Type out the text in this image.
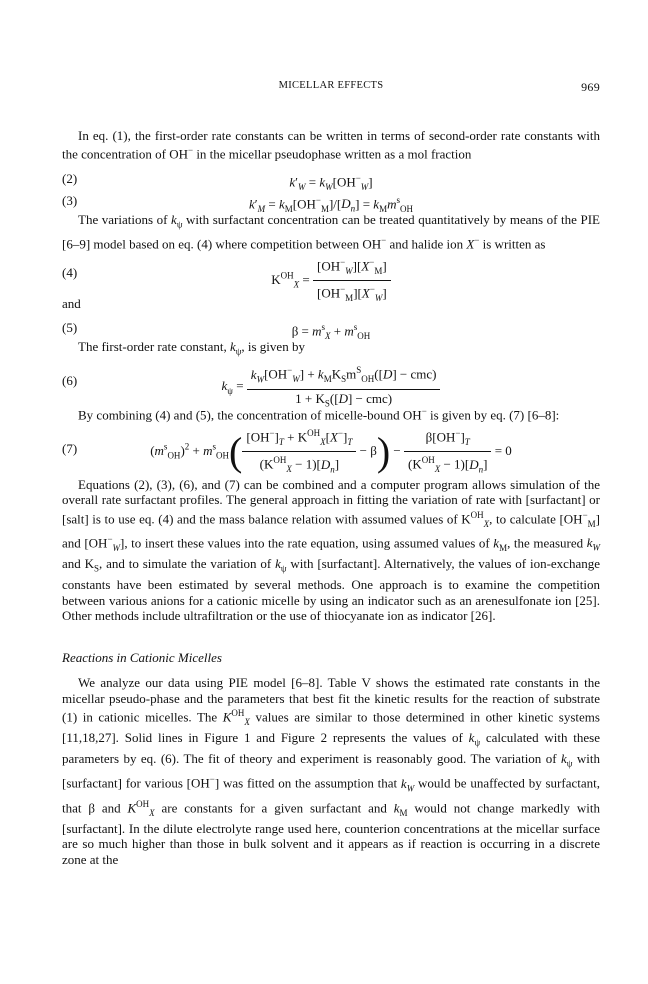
MICELLAR EFFECTS	969

In eq. (1), the first-order rate constants can be written in terms of second-order rate constants with the concentration of OH− in the micellar pseudophase written as a mol fraction

(2)	$k'_W = k_W[OH^-_W]$
(3)	$k'_M = k_M[OH^-_M]/[D_n] = k_Mm^s_{OH}$

The variations of $k_\psi$ with surfactant concentration can be treated quantitatively by means of the PIE [6–9] model based on eq. (4) where competition between OH− and halide ion X− is written as

(4)	$K^{OH}_X = \frac{[OH^-_W][X^-_M]}{[OH^-_M][X^-_W]}$

and

(5)	$\beta = m^s_X + m^s_{OH}$

The first-order rate constant, $k_\psi$, is given by

(6)	$k_\psi = \frac{k_W[OH^-_W] + k_MK_Sm^S_{OH}([D] - cmc)}{1 + K_S([D] - cmc)}$

By combining (4) and (5), the concentration of micelle-bound OH− is given by eq. (7) [6–8]:

(7)	$(m^s_{OH})^2 + m^s_{OH}( \frac{[OH^-]_T + K^{OH}_X[X^-]_T}{(K^{OH}_X - 1)[D_n]} - \beta) - \frac{\beta[OH^-]_T}{(K^{OH}_X - 1)[D_n]} = 0$

Equations (2), (3), (6), and (7) can be combined and a computer program allows simulation of the overall rate surfactant profiles. The general approach in fitting the variation of rate with [surfactant] or [salt] is to use eq. (4) and the mass balance relation with assumed values of $K^{OH}_X$, to calculate $[OH^-_M]$ and $[OH^-_W]$, to insert these values into the rate equation, using assumed values of $k_M$, the measured $k_W$ and $K_S$, and to simulate the variation of $k_\psi$ with [surfactant]. Alternatively, the values of ion-exchange constants have been estimated by several methods. One approach is to examine the competition between various anions for a cationic micelle by using an indicator such as an arenesulfonate ion [25]. Other methods include ultrafiltration or the use of thiocyanate ion as indicator [26].

Reactions in Cationic Micelles

We analyze our data using PIE model [6–8]. Table V shows the estimated rate constants in the micellar pseudo-phase and the parameters that best fit the kinetic results for the reaction of substrate (1) in cationic micelles. The $K^{OH}_X$ values are similar to those determined in other kinetic systems [11,18,27]. Solid lines in Figure 1 and Figure 2 represents the values of $k_\psi$ calculated with these parameters by eq. (6). The fit of theory and experiment is reasonably good. The variation of $k_\psi$ with [surfactant] for various [OH−] was fitted on the assumption that $k_W$ would be unaffected by surfactant, that β and $K^{OH}_X$ are constants for a given surfactant and $k_M$ would not change markedly with [surfactant]. In the dilute electrolyte range used here, counterion concentrations at the micellar surface are so much higher than those in bulk solvent and it appears as if reaction is occurring in a discrete zone at the
